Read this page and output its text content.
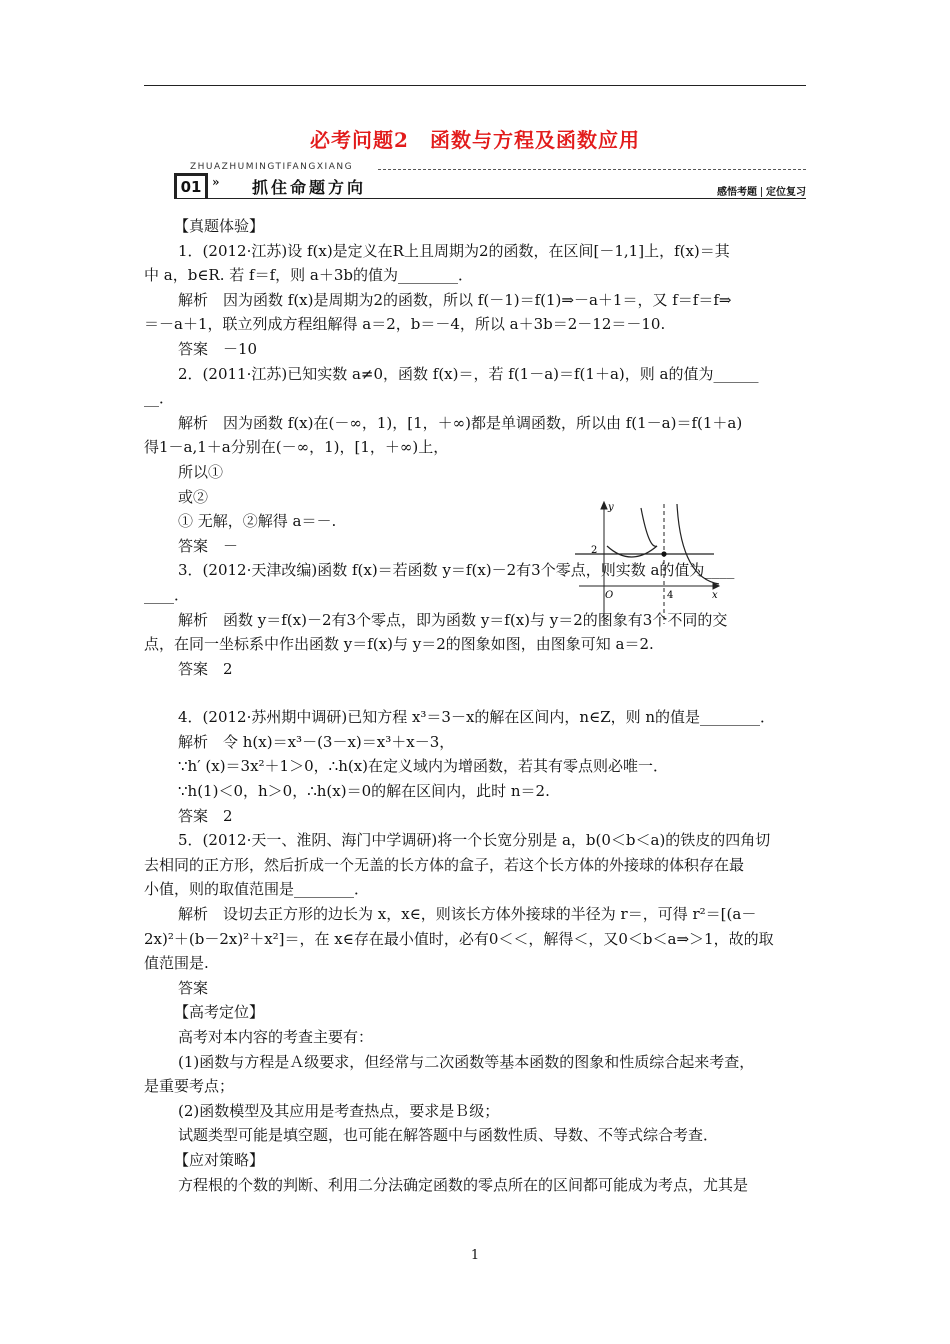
必考问题2　函数与方程及函数应用
ZHUAZHUMINGTIFANGXIANG
01 » 抓住命题方向	感悟考题 定位复习
【真题体验】
1．(2012·江苏)设 f(x)是定义在R上且周期为2的函数，在区间[－1,1]上，f(x)＝其
中 a，b∈R. 若 f＝f，则 a＋3b的值为________．
解析　因为函数 f(x)是周期为2的函数，所以 f(－1)＝f(1)⇒－a＋1＝，又 f＝f＝f⇒
＝－a＋1，联立列成方程组解得 a＝2，b＝－4，所以 a＋3b＝2－12＝－10.
答案　－10
2．(2011·江苏)已知实数 a≠0，函数 f(x)＝，若 f(1－a)＝f(1＋a)，则 a的值为______
__．
解析　因为函数 f(x)在(－∞，1)，[1，＋∞)都是单调函数，所以由 f(1－a)＝f(1＋a)
得1－a,1＋a分别在(－∞，1)，[1，＋∞)上，
所以①
或②
① 无解，②解得 a＝－.
答案　－
3．(2012·天津改编)函数 f(x)＝若函数 y＝f(x)－2有3个零点，则实数 a的值为____
____．
解析　函数 y＝f(x)－2有3个零点，即为函数 y＝f(x)与 y＝2的图象有3个不同的交
点，在同一坐标系中作出函数 y＝f(x)与 y＝2的图象如图，由图象可知 a＝2.
答案　2
4．(2012·苏州期中调研)已知方程 x³＝3－x的解在区间内，n∈Z，则 n的值是________．
解析　令 h(x)＝x³－(3－x)＝x³＋x－3，
∵h′ (x)＝3x²＋1＞0，∴h(x)在定义域内为增函数，若其有零点则必唯一．
∵h(1)＜0，h＞0，∴h(x)＝0的解在区间内，此时 n＝2.
答案　2
5．(2012·天一、淮阴、海门中学调研)将一个长宽分别是 a，b(0＜b＜a)的铁皮的四角切
去相同的正方形，然后折成一个无盖的长方体的盒子，若这个长方体的外接球的体积存在最
小值，则的取值范围是________．
解析　设切去正方形的边长为 x，x∈，则该长方体外接球的半径为 r＝，可得 r²＝[(a－
2x)²＋(b－2x)²＋x²]＝，在 x∈存在最小值时，必有0＜＜，解得＜，又0＜b＜a⇒＞1，故的取
值范围是.
答案
【高考定位】
高考对本内容的考查主要有：
(1)函数与方程是Ａ级要求，但经常与二次函数等基本函数的图象和性质综合起来考查，
是重要考点；
(2)函数模型及其应用是考查热点，要求是Ｂ级；
试题类型可能是填空题，也可能在解答题中与函数性质、导数、不等式综合考查．
【应对策略】
方程根的个数的判断、利用二分法确定函数的零点所在的区间都可能成为考点，尤其是
y
x
O
2
4
1
